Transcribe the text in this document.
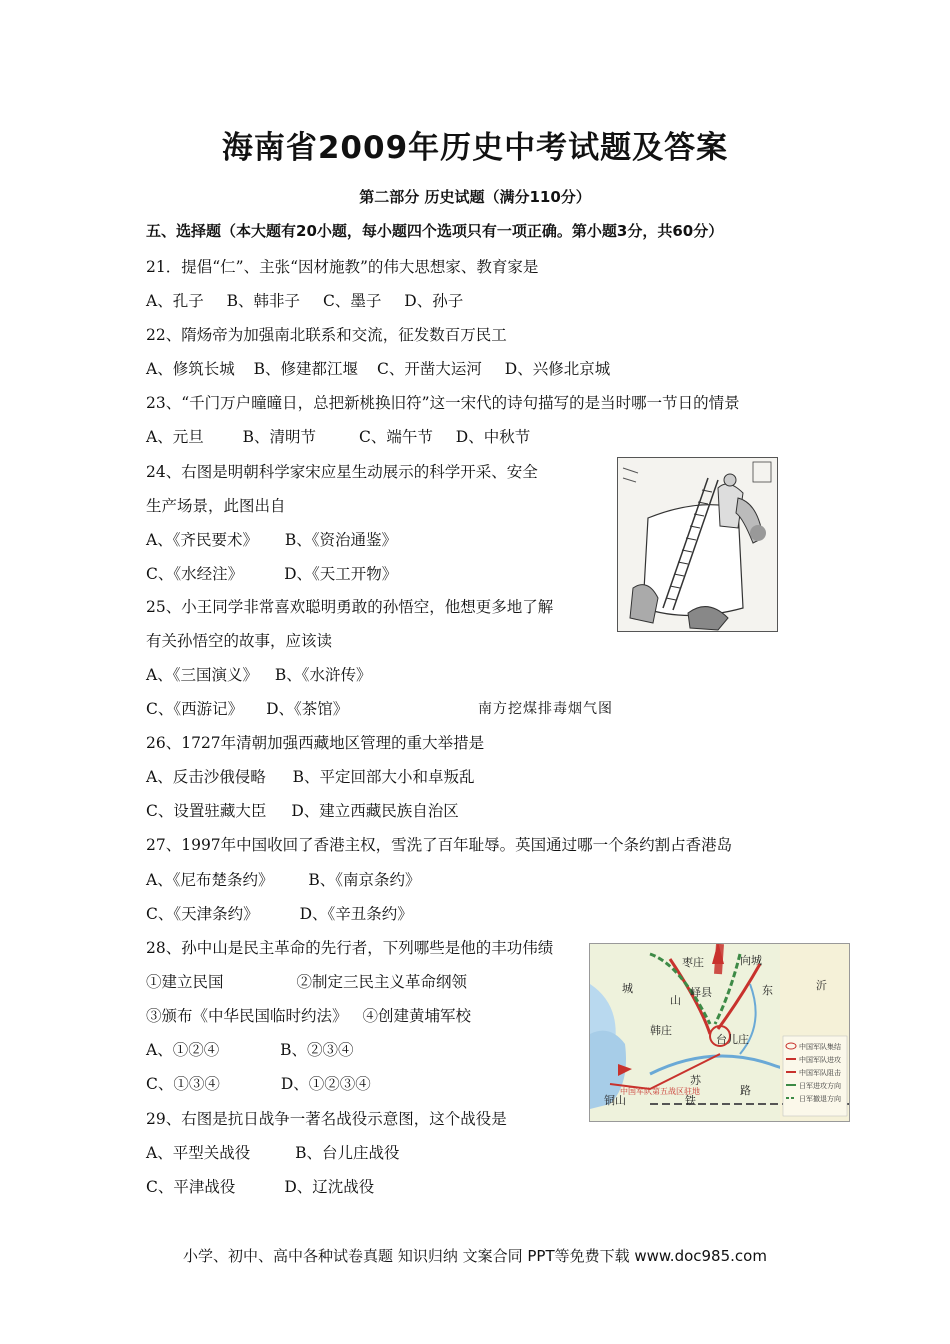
海南省2009年历史中考试题及答案
第二部分 历史试题（满分110分）
五、选择题（本大题有20小题，每小题四个选项只有一项正确。第小题3分，共60分）
21．提倡“仁”、主张“因材施教”的伟大思想家、教育家是
A、孔子 B、韩非子 C、墨子 D、孙子
22、隋炀帝为加强南北联系和交流，征发数百万民工
A、修筑长城 B、修建都江堰 C、开凿大运河 D、兴修北京城
23、“千门万户曈曈日，总把新桃换旧符”这一宋代的诗句描写的是当时哪一节日的情景
A、元旦	B、清明节	C、端午节 D、中秋节
24、右图是明朝科学家宋应星生动展示的科学开采、安全
生产场景，此图出自
A、《齐民要术》 B、《资治通鉴》
C、《水经注》	D、《天工开物》
25、小王同学非常喜欢聪明勇敢的孙悟空，他想更多地了解
有关孙悟空的故事，应该读
A、《三国演义》 B、《水浒传》
C、《西游记》 D、《茶馆》	南方挖煤排毒烟气图
26、1727年清朝加强西藏地区管理的重大举措是
A、反击沙俄侵略 B、平定回部大小和卓叛乱
C、设置驻藏大臣 D、建立西藏民族自治区
27、1997年中国收回了香港主权，雪洗了百年耻辱。英国通过哪一个条约割占香港岛
A、《尼布楚条约》 B、《南京条约》
C、《天津条约》	D、《辛丑条约》
28、孙中山是民主革命的先行者，下列哪些是他的丰功伟绩
①建立民国	②制定三民主义革命纲领
③颁布《中华民国临时约法》 ④创建黄埔军校
A、①②④	B、②③④
C、①③④	D、①②③④
枣庄	向城
峄县
韩庄
台儿庄
城
山
苏
路
铁
东	沂
铜山
中国军队第五战区驻地
中国军队集结
中国军队进攻
中国军队阻击
日军进攻方向
日军撤退方向
29、右图是抗日战争一著名战役示意图，这个战役是
A、平型关战役	B、台儿庄战役
C、平津战役	D、辽沈战役
小学、初中、高中各种试卷真题 知识归纳 文案合同 PPT等免费下载 www.doc985.com
